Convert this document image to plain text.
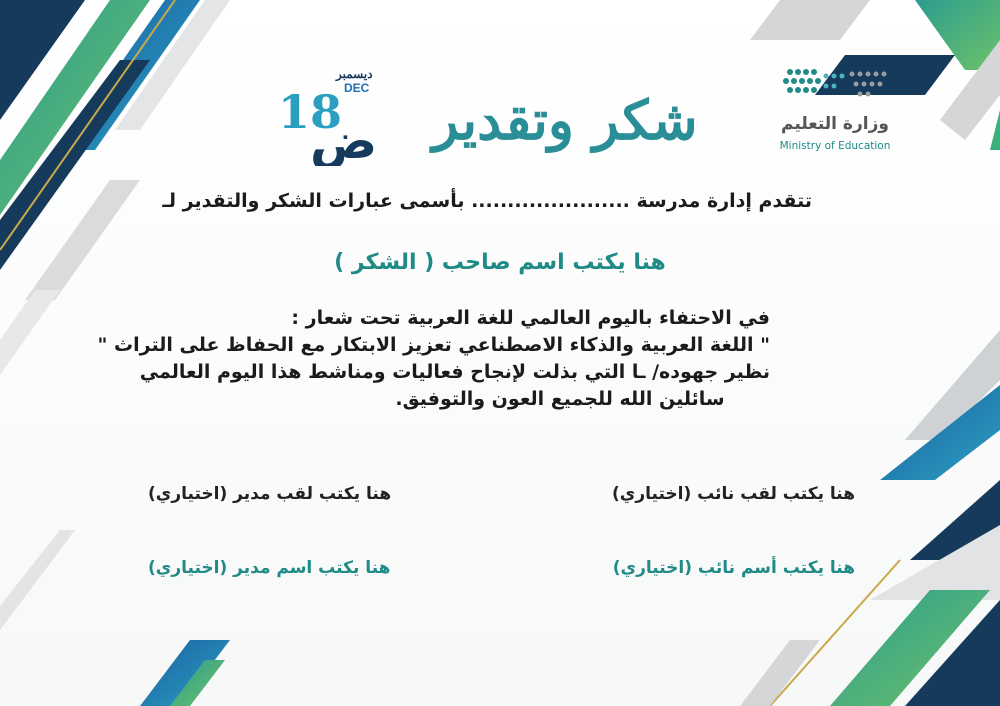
ديسمبر
DEC
18
ض	شكر وتقدير	وزارة التعليم
Ministry of Education
تتقدم إدارة مدرسة ...................... بأسمى عبارات الشكر والتقدير لـ
هنا يكتب اسم صاحب ( الشكر )
في الاحتفاء باليوم العالمي للغة العربية تحت شعار :
" اللغة العربية والذكاء الاصطناعي تعزيز الابتكار مع الحفاظ على التراث "
نظير جهوده/ ـا التي بذلت لإنجاح فعاليات ومناشط هذا اليوم العالمي
سائلين الله للجميع العون والتوفيق.
هنا يكتب لقب مدير (اختياري)
هنا يكتب اسم مدير (اختياري)
هنا يكتب لقب نائب (اختياري)
هنا يكتب أسم نائب (اختياري)
